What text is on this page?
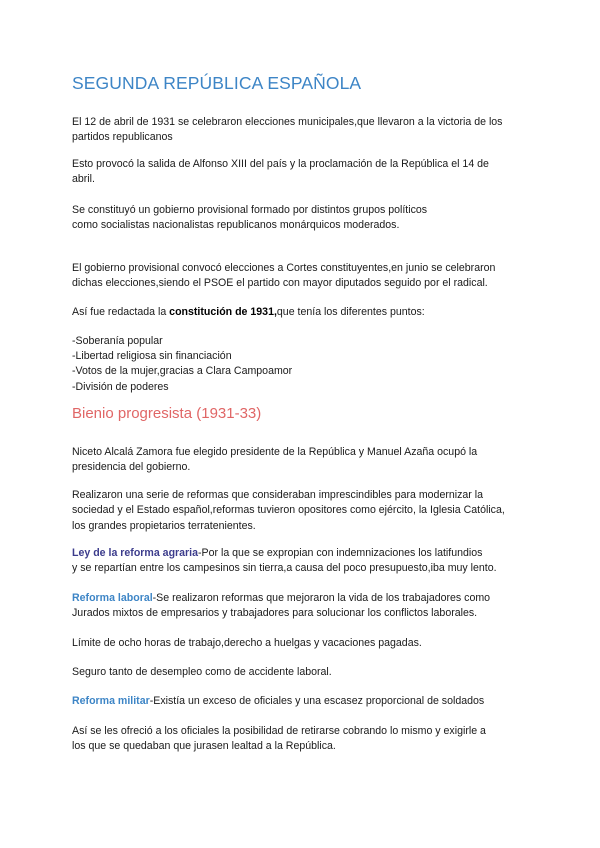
SEGUNDA REPÚBLICA ESPAÑOLA

El 12 de abril de 1931 se celebraron elecciones municipales,que llevaron a la victoria de los
partidos republicanos

Esto provocó la salida de Alfonso XIII del país y la proclamación de la República el 14 de
abril.

Se constituyó un gobierno provisional formado por distintos grupos políticos
como socialistas nacionalistas republicanos monárquicos moderados.

El gobierno provisional convocó elecciones a Cortes constituyentes,en junio se celebraron
dichas elecciones,siendo el PSOE el partido con mayor diputados seguido por el radical.

Así fue redactada la constitución de 1931,que tenía los diferentes puntos:

-Soberanía popular
-Libertad religiosa sin financiación
-Votos de la mujer,gracias a Clara Campoamor
-División de poderes
Bienio progresista (1931-33)

Niceto Alcalá Zamora fue elegido presidente de la República y Manuel Azaña ocupó la
presidencia del gobierno.

Realizaron una serie de reformas que consideraban imprescindibles para modernizar la
sociedad y el Estado español,reformas tuvieron opositores como ejército, la Iglesia Católica,
los grandes propietarios terratenientes.

Ley de la reforma agraria-Por la que se expropian con indemnizaciones los latifundios
y se repartían entre los campesinos sin tierra,a causa del poco presupuesto,iba muy lento.

Reforma laboral-Se realizaron reformas que mejoraron la vida de los trabajadores como
Jurados mixtos de empresarios y trabajadores para solucionar los conflictos laborales.

Límite de ocho horas de trabajo,derecho a huelgas y vacaciones pagadas.

Seguro tanto de desempleo como de accidente laboral.

Reforma militar-Existía un exceso de oficiales y una escasez proporcional de soldados

Así se les ofreció a los oficiales la posibilidad de retirarse cobrando lo mismo y exigirle a
los que se quedaban que jurasen lealtad a la República.
